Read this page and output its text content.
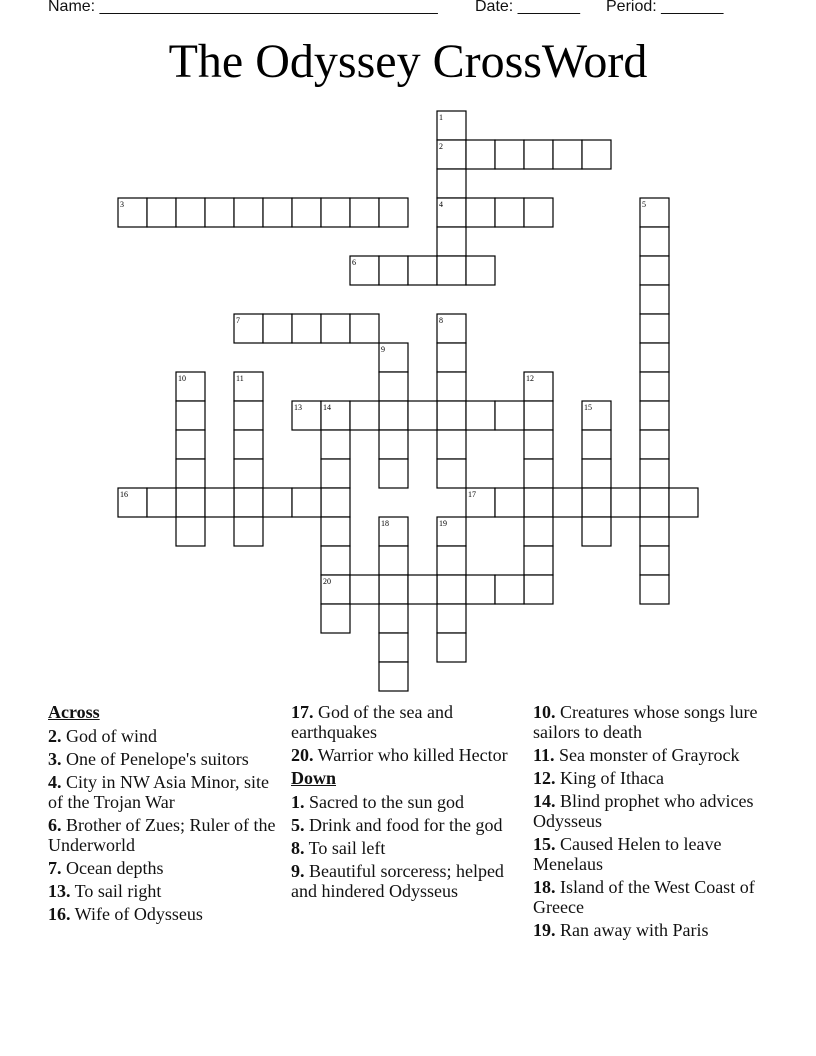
Name: ______________________________________ Date: _______ Period: _______
The Odyssey CrossWord
1
2
4
3	5
6
7	8
9
10	11	12
13	14
20
15
16	17
18	19
Across
2. God of wind
3. One of Penelope's suitors
4. City in NW Asia Minor, site of the Trojan War
6. Brother of Zues; Ruler of the Underworld
7. Ocean depths
13. To sail right
16. Wife of Odysseus
17. God of the sea and earthquakes
20. Warrior who killed Hector
Down
1. Sacred to the sun god
5. Drink and food for the god
8. To sail left
9. Beautiful sorceress; helped and hindered Odysseus
10. Creatures whose songs lure sailors to death
11. Sea monster of Grayrock
12. King of Ithaca
14. Blind prophet who advices Odysseus
15. Caused Helen to leave Menelaus
18. Island of the West Coast of Greece
19. Ran away with Paris
